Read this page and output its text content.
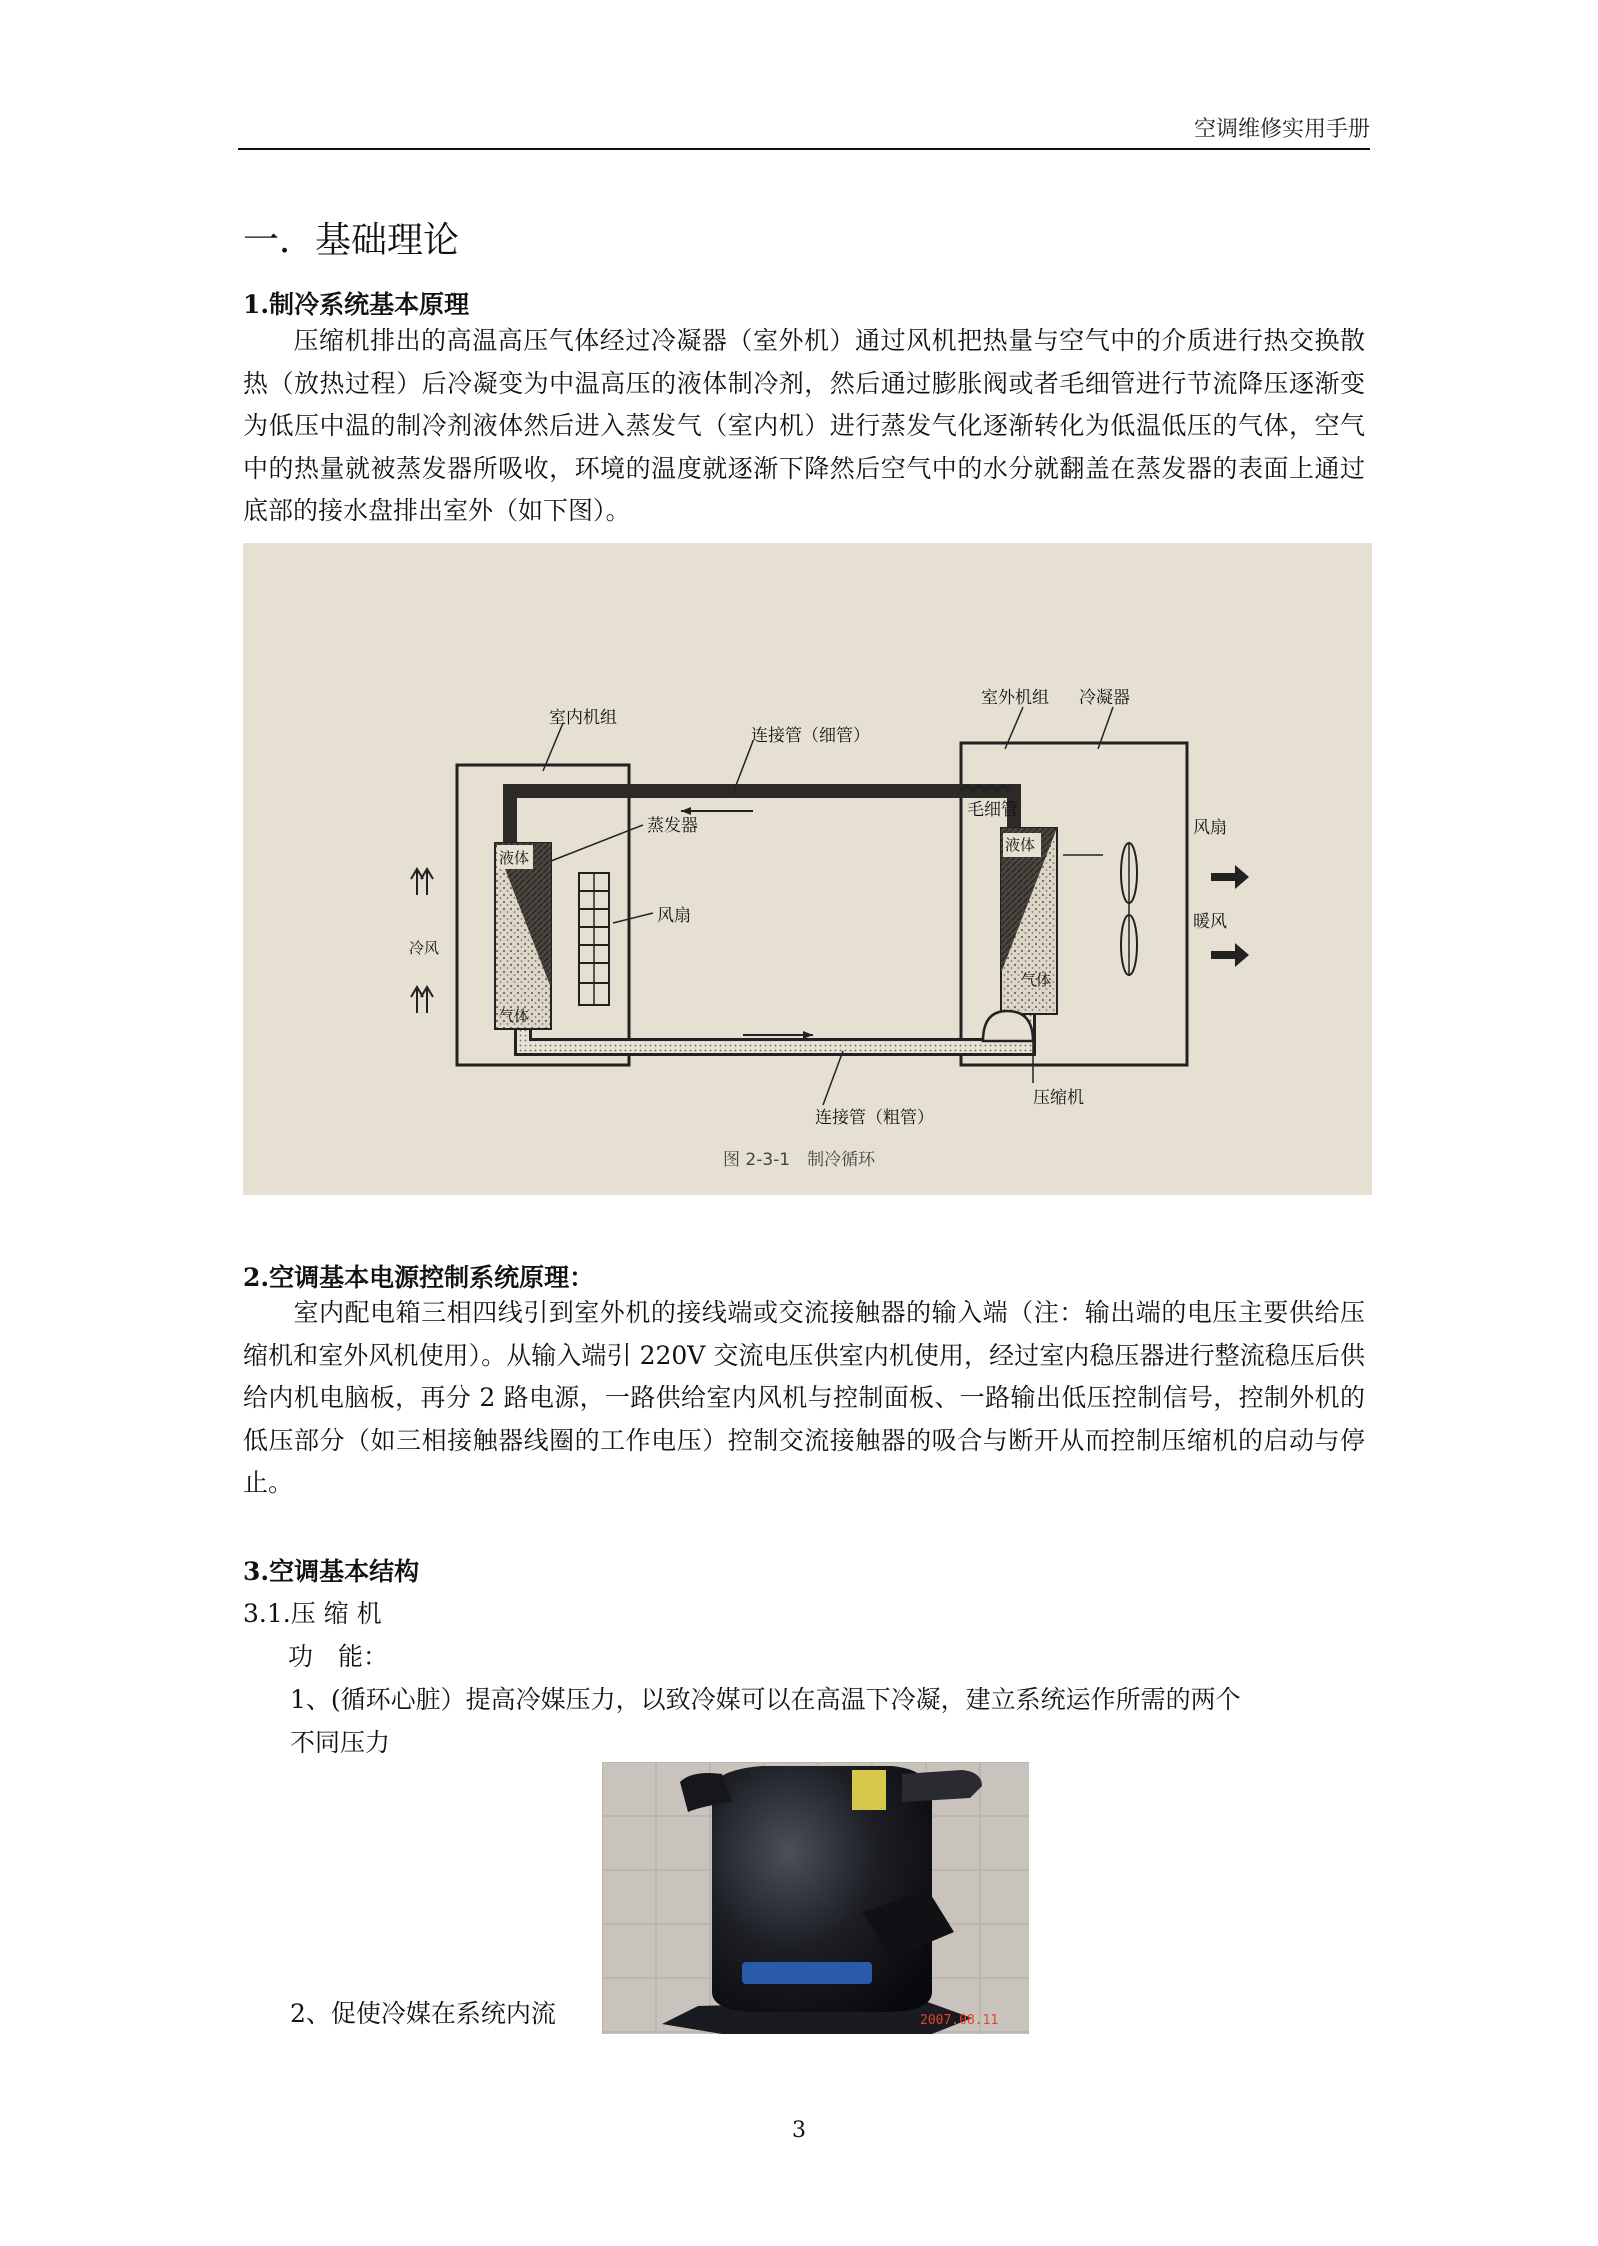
空调维修实用手册
一．基础理论
1.制冷系统基本原理
压缩机排出的高温高压气体经过冷凝器（室外机）通过风机把热量与空气中的介质进行热交换散热（放热过程）后冷凝变为中温高压的液体制冷剂，然后通过膨胀阀或者毛细管进行节流降压逐渐变为低压中温的制冷剂液体然后进入蒸发气（室内机）进行蒸发气化逐渐转化为低温低压的气体，空气中的热量就被蒸发器所吸收，环境的温度就逐渐下降然后空气中的水分就翻盖在蒸发器的表面上通过底部的接水盘排出室外（如下图）。
液体
气体
冷风
液体
气体
室内机组
连接管（细管）
室外机组 冷凝器
毛细管
蒸发器
风扇
风扇
暖风
压缩机
连接管（粗管）
图 2-3-1　制冷循环
2.空调基本电源控制系统原理：
室内配电箱三相四线引到室外机的接线端或交流接触器的输入端（注：输出端的电压主要供给压缩机和室外风机使用）。从输入端引 220V 交流电压供室内机使用，经过室内稳压器进行整流稳压后供给内机电脑板，再分 2 路电源，一路供给室内风机与控制面板、一路输出低压控制信号，控制外机的低压部分（如三相接触器线圈的工作电压）控制交流接触器的吸合与断开从而控制压缩机的启动与停止。
3.空调基本结构
3.1.压 缩 机
功　能：
1、(循环心脏）提高冷媒压力，以致冷媒可以在高温下冷凝，建立系统运作所需的两个
不同压力
2007.08.11
2、促使冷媒在系统内流
3
